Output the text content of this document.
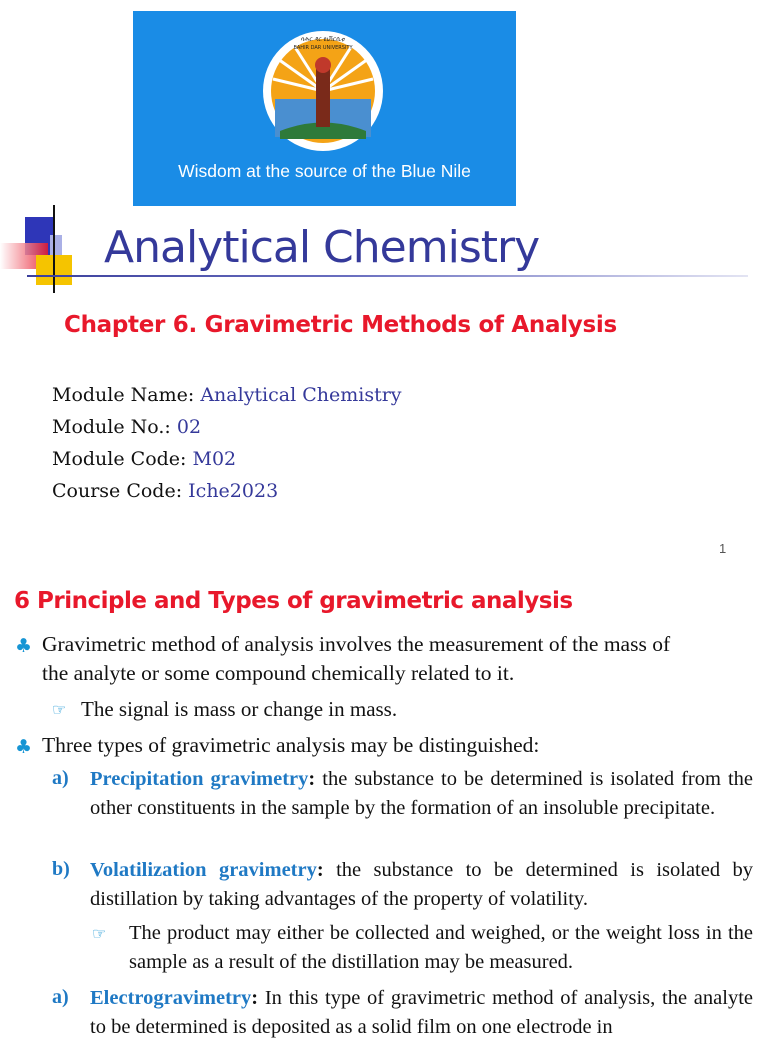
ባሕር ዳር ዩኒቨርሲቲ
BAHIR DAR UNIVERSITY
Wisdom at the source of the Blue Nile
Analytical Chemistry
Chapter 6. Gravimetric Methods of Analysis
Module Name: Analytical Chemistry
Module No.: 02
Module Code: M02
Course Code: Iche2023
1
6 Principle and Types of gravimetric analysis
♣ Gravimetric method of analysis involves the measurement of the mass of
the analyte or some compound chemically related to it.
☞ The signal is mass or change in mass.
♣ Three types of gravimetric analysis may be distinguished:
a) Precipitation gravimetry: the substance to be determined is isolated from the other constituents in the sample by the formation of an insoluble precipitate.
b) Volatilization gravimetry: the substance to be determined is isolated by distillation by taking advantages of the property of volatility.
☞ The product may either be collected and weighed, or the weight loss in the sample as a result of the distillation may be measured.
a) Electrogravimetry: In this type of gravimetric method of analysis, the analyte to be determined is deposited as a solid film on one electrode in
